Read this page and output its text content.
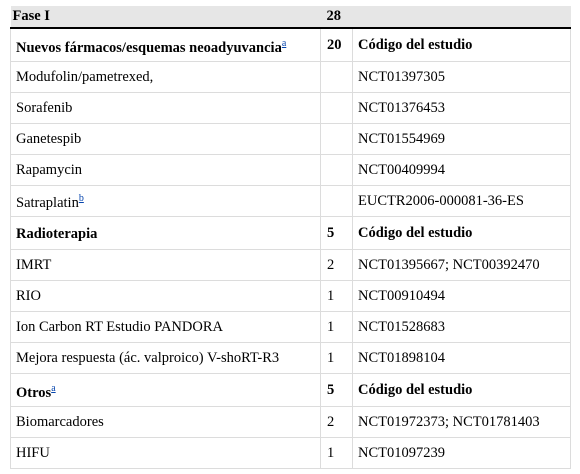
Fase I	28	
Nuevos fármacos/esquemas neoadyuvancia$^a$	20	Código del estudio
Modufolin/pametrexed,		NCT01397305
Sorafenib		NCT01376453
Ganetespib		NCT01554969
Rapamycin		NCT00409994
Satraplatin$^b$		EUCTR2006-000081-36-ES
Radioterapia	5	Código del estudio
IMRT	2	NCT01395667; NCT00392470
RIO	1	NCT00910494
Ion Carbon RT Estudio PANDORA	1	NCT01528683
Mejora respuesta (ác. valproico) V-shoRT-R3	1	NCT01898104
Otros$^a$	5	Código del estudio
Biomarcadores	2	NCT01972373; NCT01781403
HIFU	1	NCT01097239
